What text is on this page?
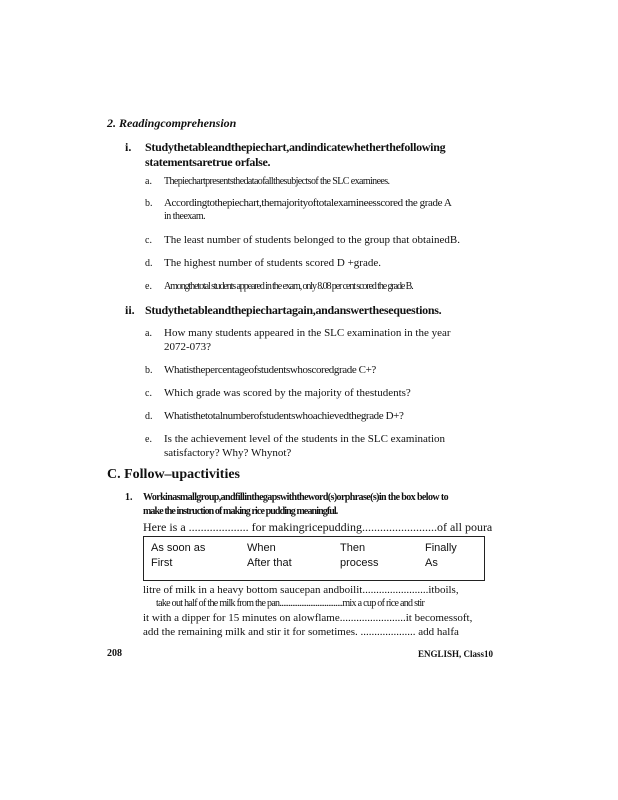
2. Readingcomprehension
i. Studythetableandthepiechart,andindicatewhetherthefollowing
statementsaretrue orfalse.
a. Thepiechartpresentsthedataofallthesubjectsof the SLC examinees.
b. Accordingtothepiechart,themajorityoftotalexamineesscored the grade A
in theexam.
c. The least number of students belonged to the group that obtainedB.
d. The highest number of students scored D +grade.
e. Amongthetotal students appeared in the exam, only 8.08 per cent scored the grade B.
ii. Studythetableandthepiechartagain,andanswerthesequestions.
a. How many students appeared in the SLC examination in the year
2072-073?
b. Whatisthepercentageofstudentswhoscoredgrade C+?
c. Which grade was scored by the majority of thestudents?
d. Whatisthetotalnumberofstudentswhoachievedthegrade D+?
e. Is the achievement level of the students in the SLC examination
satisfactory? Why? Whynot?
C. Follow–upactivities
1. Workinasmallgroup,andfillinthegapswiththeword(s)orphrase(s)in the box below to
make the instruction of making rice pudding meaningful.
Here is a .................... for makingricepudding.........................of all poura
As soon as	When	Then	Finally
First	After that	process	As
litre of milk in a heavy bottom saucepan andboilit........................itboils,
take out half of the milk from the pan...................................mix a cup of rice and stir
it with a dipper for 15 minutes on alowflame........................it becomessoft,
add the remaining milk and stir it for sometimes. .................... add halfa
208	ENGLISH, Class10
